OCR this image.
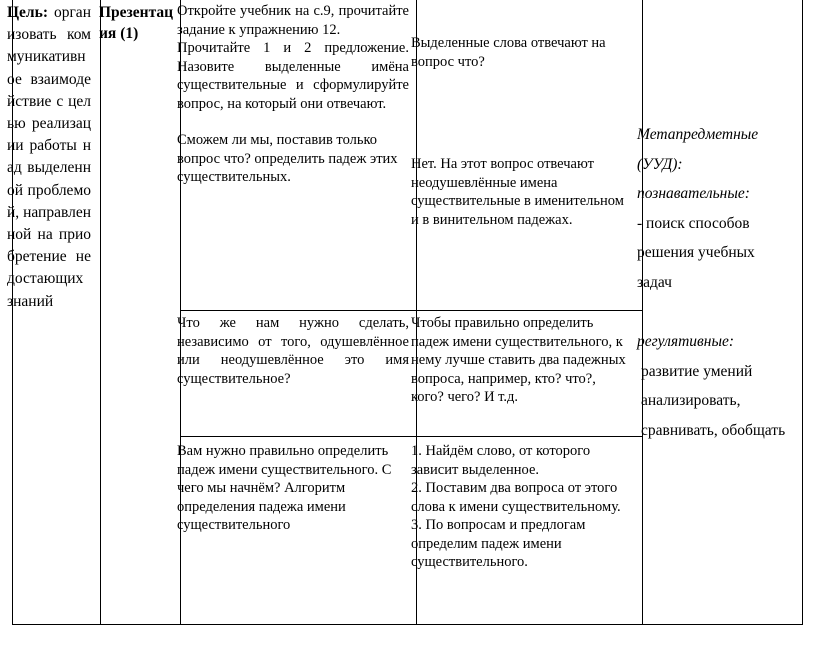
Цель: организовать коммуникативное взаимодействие с целью реализации работы над выделенной проблемой, направленной на приобретение недостающих знаний
Презентация (1)

Откройте учебник на с.9, прочитайте задание к упражнению 12.

Прочитайте 1 и 2 предложение. Назовите выделенные имёна существительные и сформулируйте вопрос, на который они отвечают.

Сможем ли мы, поставив только вопрос что? определить падеж этих существительных.

Выделенные слова отвечают на вопрос что?

Нет. На этот вопрос отвечают неодушевлённые имена существительные в именительном и в винительном падежах.

Что же нам нужно сделать, независимо от того, одушевлённое или неодушевлённое это имя существительное?

Чтобы правильно определить падеж имени существительного, к нему лучше ставить два падежных вопроса, например, кто? что?, кого? чего? И т.д.

Вам нужно правильно определить падеж имени существительного. С чего мы начнём? Алгоритм определения падежа имени существительного

1. Найдём слово, от которого зависит выделенное.

2. Поставим два вопроса от этого слова к имени существительному.

3. По вопросам и предлогам определим падеж имени существительного.

Метапредметные (УУД):
познавательные:
- поиск способов решения учебных задач
регулятивные:
развитие умений анализировать, сравнивать, обобщать
